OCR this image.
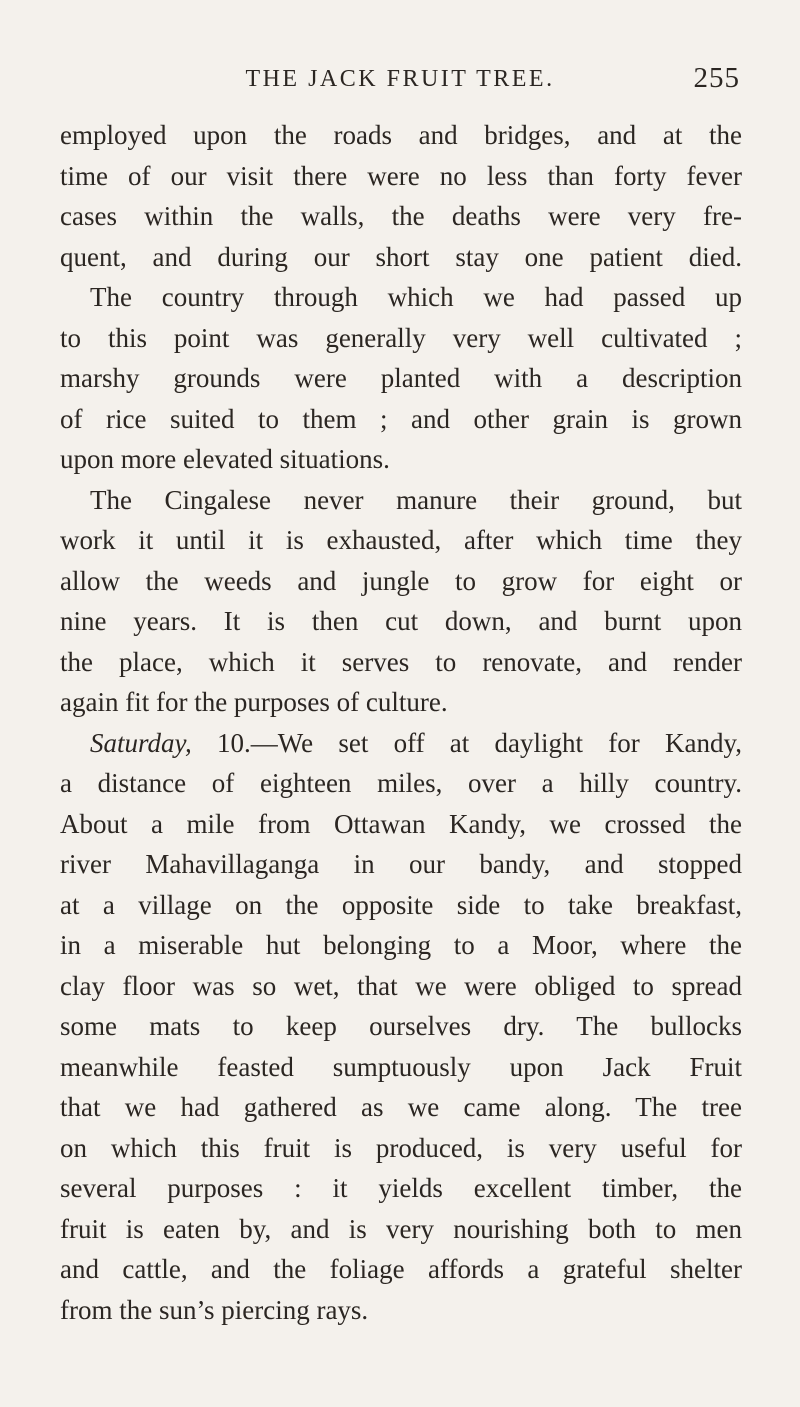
THE JACK FRUIT TREE.	255
employed upon the roads and bridges, and at the
time of our visit there were no less than forty fever
cases within the walls, the deaths were very fre-
quent, and during our short stay one patient died.
The country through which we had passed up
to this point was generally very well cultivated ;
marshy grounds were planted with a description
of rice suited to them ; and other grain is grown
upon more elevated situations.
The Cingalese never manure their ground, but
work it until it is exhausted, after which time they
allow the weeds and jungle to grow for eight or
nine years. It is then cut down, and burnt upon
the place, which it serves to renovate, and render
again fit for the purposes of culture.
Saturday, 10.—We set off at daylight for Kandy,
a distance of eighteen miles, over a hilly country.
About a mile from Ottawan Kandy, we crossed the
river Mahavillaganga in our bandy, and stopped
at a village on the opposite side to take breakfast,
in a miserable hut belonging to a Moor, where the
clay floor was so wet, that we were obliged to spread
some mats to keep ourselves dry. The bullocks
meanwhile feasted sumptuously upon Jack Fruit
that we had gathered as we came along. The tree
on which this fruit is produced, is very useful for
several purposes : it yields excellent timber, the
fruit is eaten by, and is very nourishing both to men
and cattle, and the foliage affords a grateful shelter
from the sun’s piercing rays.
